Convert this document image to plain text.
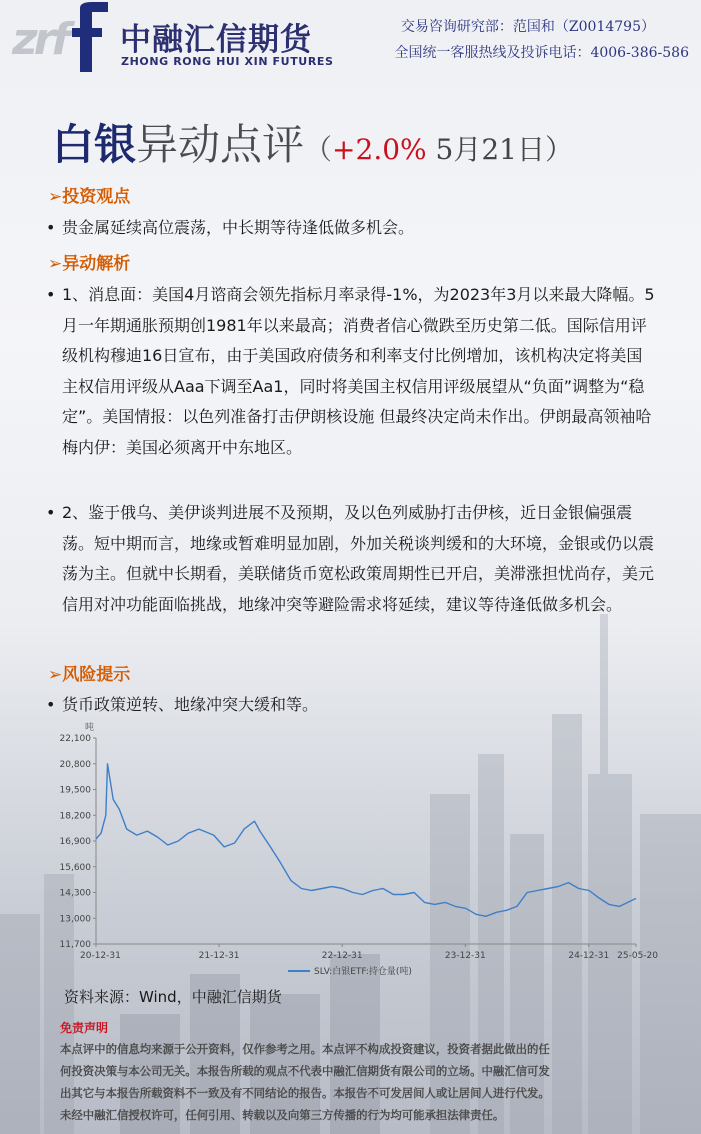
zrf 中融汇信期货
ZHONG RONG HUI XIN FUTURES
交易咨询研究部：范国和（Z0014795）
全国统一客服热线及投诉电话：4006-386-586
白银异动点评（+2.0% 5月21日）
➢投资观点
• 贵金属延续高位震荡，中长期等待逢低做多机会。
➢异动解析
• 1、消息面：美国4月谘商会领先指标月率录得-1%，为2023年3月以来最大降幅。5月一年期通胀预期创1981年以来最高；消费者信心微跌至历史第二低。国际信用评级机构穆迪16日宣布，由于美国政府债务和利率支付比例增加，该机构决定将美国主权信用评级从Aaa下调至Aa1，同时将美国主权信用评级展望从“负面”调整为“稳定”。美国情报：以色列准备打击伊朗核设施 但最终决定尚未作出。伊朗最高领袖哈梅内伊：美国必须离开中东地区。
• 2、鉴于俄乌、美伊谈判进展不及预期，及以色列威胁打击伊核，近日金银偏强震荡。短中期而言，地缘或暂难明显加剧，外加关税谈判缓和的大环境，金银或仍以震荡为主。但就中长期看，美联储货币宽松政策周期性已开启，美滞涨担忧尚存，美元信用对冲功能面临挑战，地缘冲突等避险需求将延续，建议等待逢低做多机会。
➢风险提示
• 货币政策逆转、地缘冲突大缓和等。
吨
22,100
20,800
19,500
18,200
16,900
15,600
14,300
13,000
11,700
20-12-31	21-12-31	22-12-31	23-12-31	24-12-31 25-05-20
SLV:白银ETF:持仓量(吨)
资料来源：Wind，中融汇信期货
免责声明
本点评中的信息均来源于公开资料，仅作参考之用。本点评不构成投资建议，投资者据此做出的任
何投资决策与本公司无关。本报告所载的观点不代表中融汇信期货有限公司的立场。中融汇信可发
出其它与本报告所载资料不一致及有不同结论的报告。本报告不可发居间人或让居间人进行代发。
未经中融汇信授权许可，任何引用、转载以及向第三方传播的行为均可能承担法律责任。
